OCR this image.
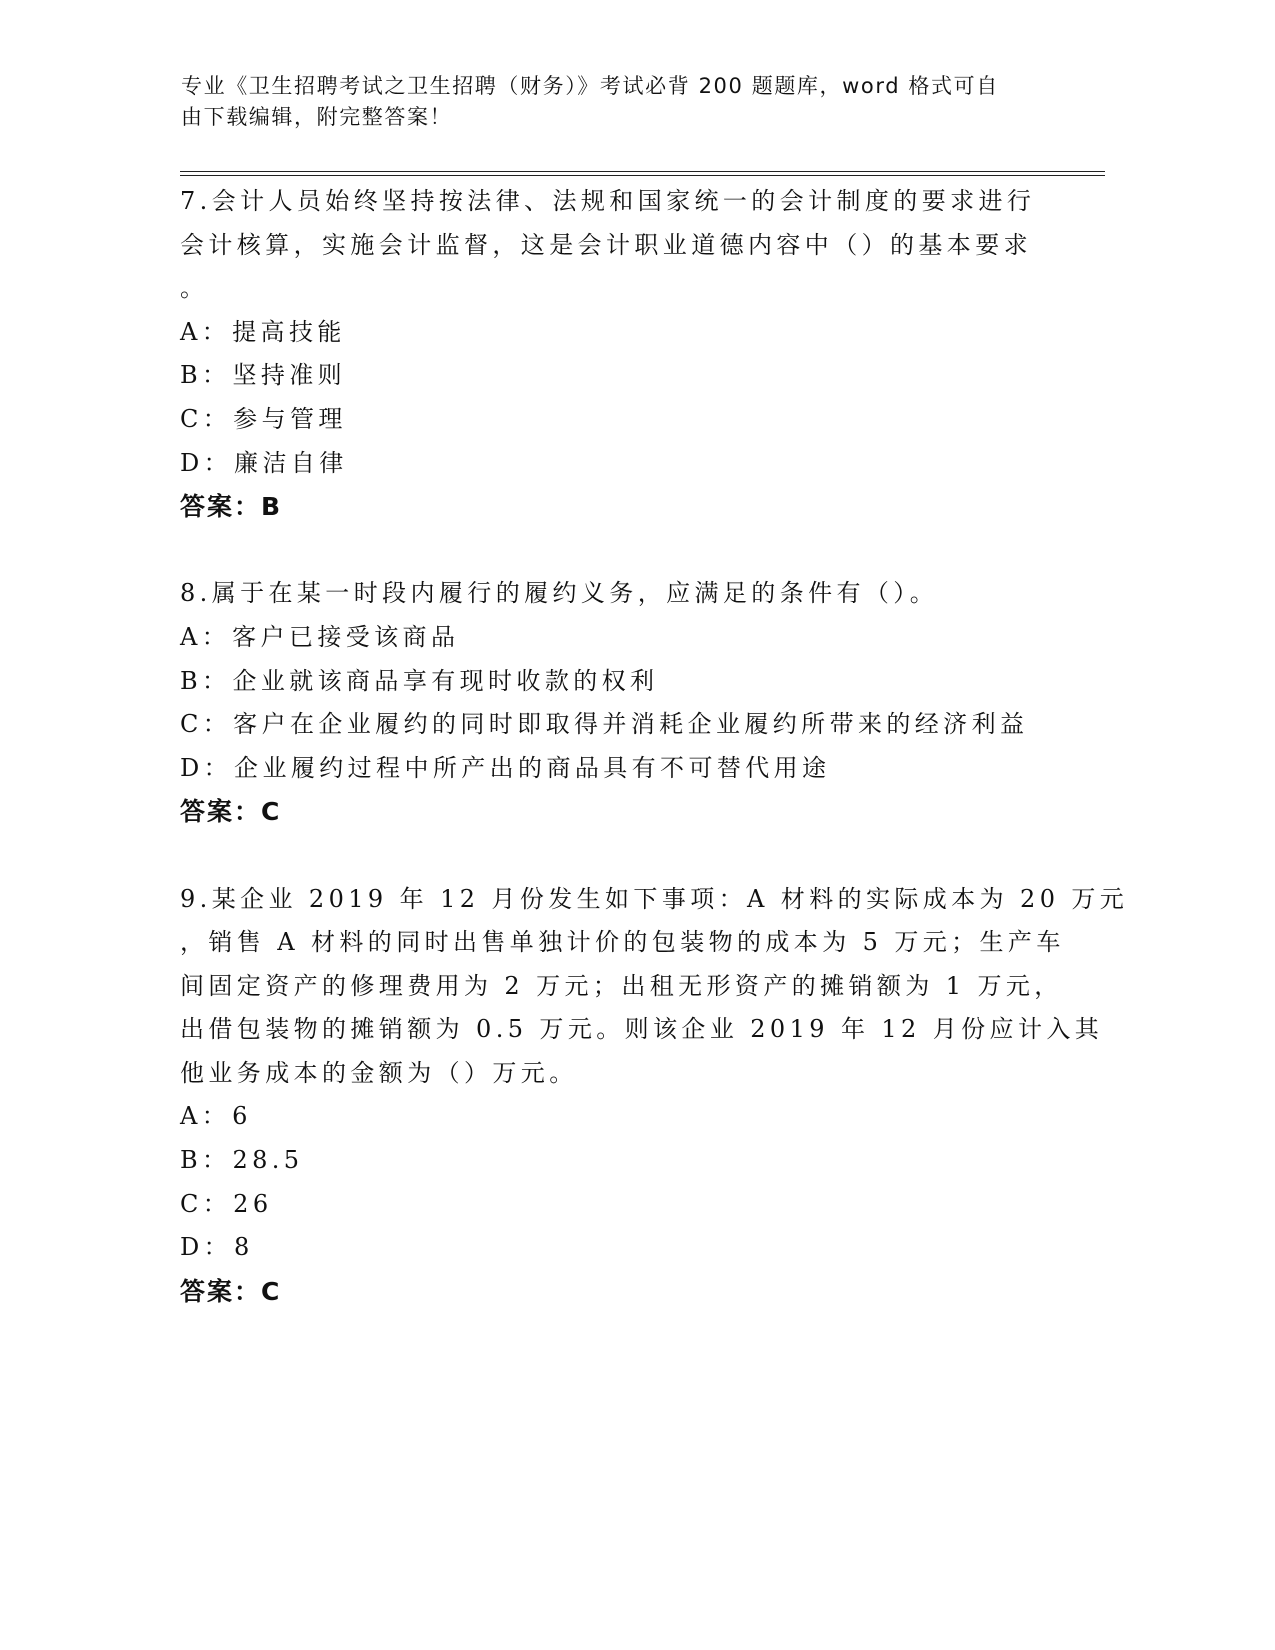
专业《卫生招聘考试之卫生招聘（财务）》考试必背 200 题题库，word 格式可自
由下载编辑，附完整答案！
7.会计人员始终坚持按法律、法规和国家统一的会计制度的要求进行
会计核算，实施会计监督，这是会计职业道德内容中（）的基本要求
。
A：提高技能
B：坚持准则
C：参与管理
D：廉洁自律
答案：B
8.属于在某一时段内履行的履约义务，应满足的条件有（）。
A：客户已接受该商品
B：企业就该商品享有现时收款的权利
C：客户在企业履约的同时即取得并消耗企业履约所带来的经济利益
D：企业履约过程中所产出的商品具有不可替代用途
答案：C
9.某企业 2019 年 12 月份发生如下事项：A 材料的实际成本为 20 万元
，销售 A 材料的同时出售单独计价的包装物的成本为 5 万元；生产车
间固定资产的修理费用为 2 万元；出租无形资产的摊销额为 1 万元，
出借包装物的摊销额为 0.5 万元。则该企业 2019 年 12 月份应计入其
他业务成本的金额为（）万元。
A：6
B：28.5
C：26
D：8
答案：C
